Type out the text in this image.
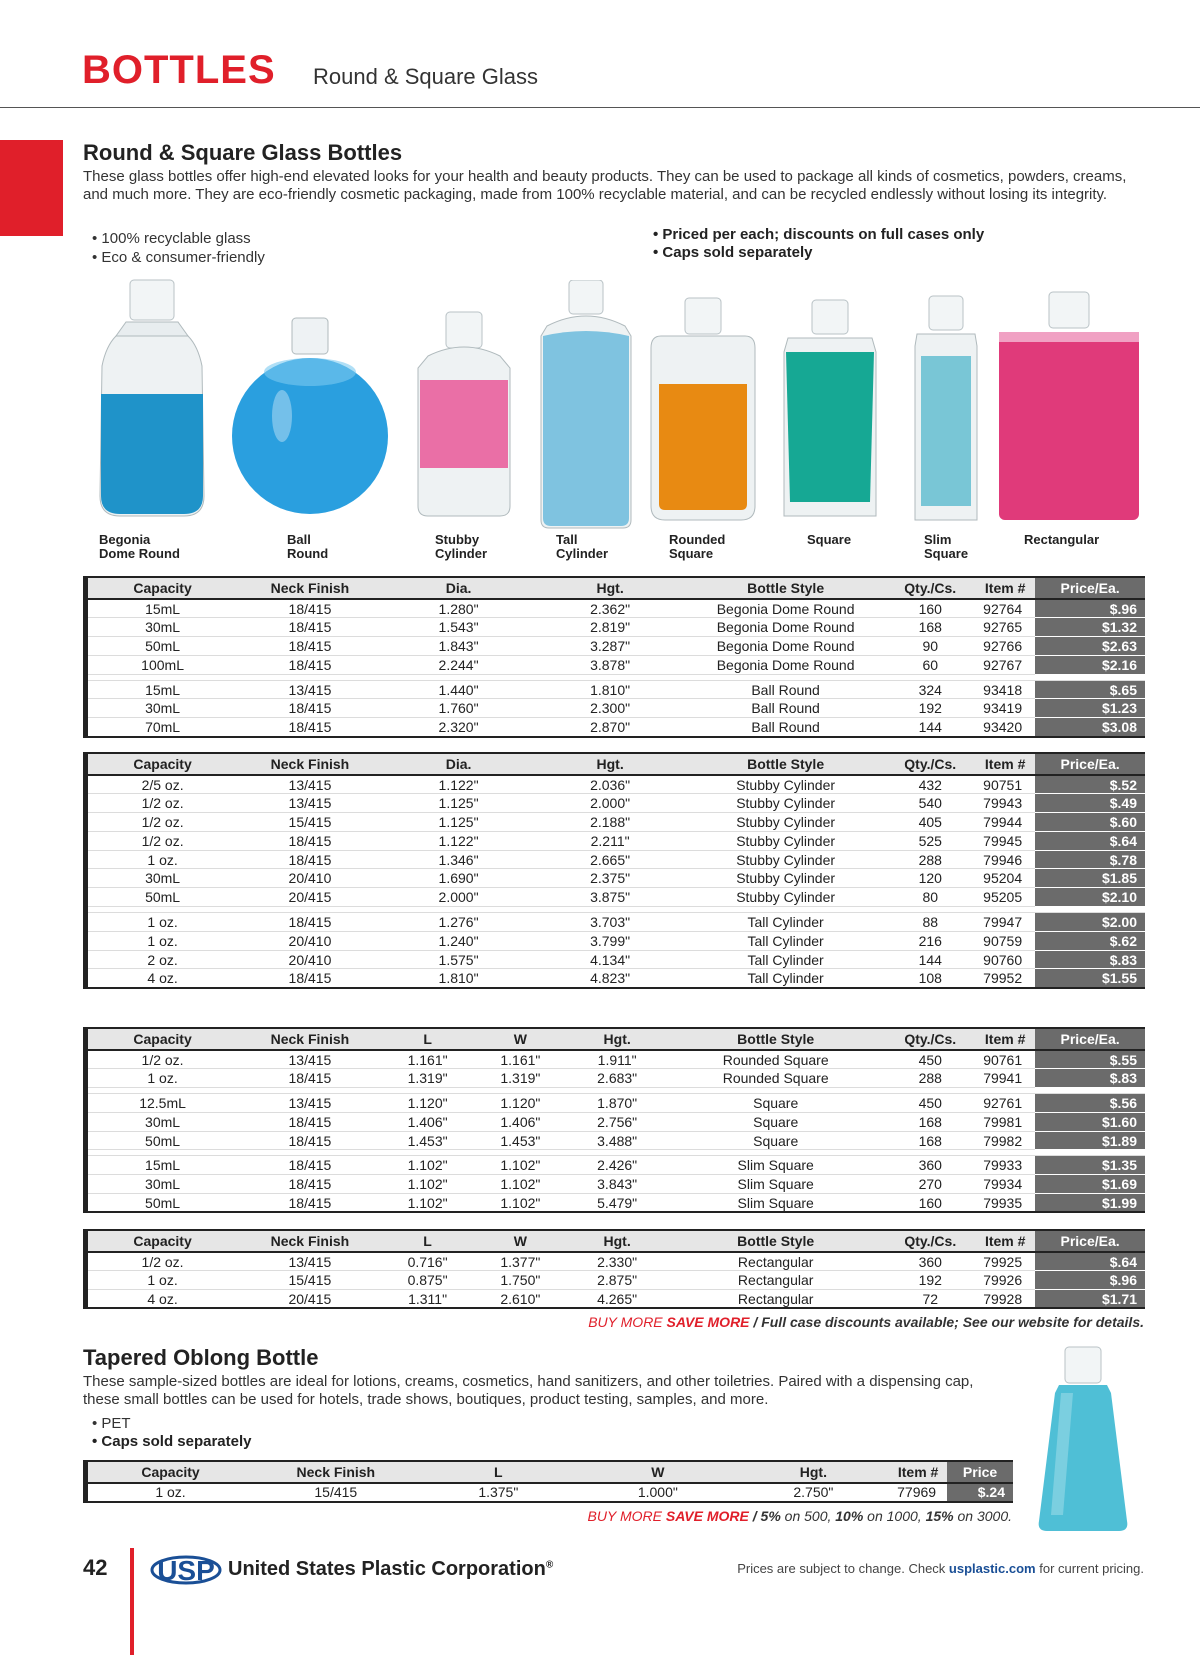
BOTTLES Round & Square Glass
Round & Square Glass Bottles
These glass bottles offer high-end elevated looks for your health and beauty products. They can be used to package all kinds of cosmetics, powders, creams, and much more. They are eco-friendly cosmetic packaging, made from 100% recyclable material, and can be recycled endlessly without losing its integrity.
• 100% recyclable glass
• Eco & consumer-friendly
• Priced per each; discounts on full cases only
• Caps sold separately
Begonia
Dome Round
Ball
Round
Stubby
Cylinder
Tall
Cylinder
Rounded
Square
Square	Slim
Square
Rectangular
Capacity	Neck Finish	Dia.	Hgt.	Bottle Style	Qty./Cs.	Item #	Price/Ea.
15mL	18/415	1.280"	2.362"	Begonia Dome Round	160	92764	$.96
30mL	18/415	1.543"	2.819"	Begonia Dome Round	168	92765	$1.32
50mL	18/415	1.843"	3.287"	Begonia Dome Round	90	92766	$2.63
100mL	18/415	2.244"	3.878"	Begonia Dome Round	60	92767	$2.16

15mL	13/415	1.440"	1.810"	Ball Round	324	93418	$.65
30mL	18/415	1.760"	2.300"	Ball Round	192	93419	$1.23
70mL	18/415	2.320"	2.870"	Ball Round	144	93420	$3.08
Capacity	Neck Finish	Dia.	Hgt.	Bottle Style	Qty./Cs.	Item #	Price/Ea.
2/5 oz.	13/415	1.122"	2.036"	Stubby Cylinder	432	90751	$.52
1/2 oz.	13/415	1.125"	2.000"	Stubby Cylinder	540	79943	$.49
1/2 oz.	15/415	1.125"	2.188"	Stubby Cylinder	405	79944	$.60
1/2 oz.	18/415	1.122"	2.211"	Stubby Cylinder	525	79945	$.64
1 oz.	18/415	1.346"	2.665"	Stubby Cylinder	288	79946	$.78
30mL	20/410	1.690"	2.375"	Stubby Cylinder	120	95204	$1.85
50mL	20/415	2.000"	3.875"	Stubby Cylinder	80	95205	$2.10

1 oz.	18/415	1.276"	3.703"	Tall Cylinder	88	79947	$2.00
1 oz.	20/410	1.240"	3.799"	Tall Cylinder	216	90759	$.62
2 oz.	20/410	1.575"	4.134"	Tall Cylinder	144	90760	$.83
4 oz.	18/415	1.810"	4.823"	Tall Cylinder	108	79952	$1.55
Capacity	Neck Finish	L	W	Hgt.	Bottle Style	Qty./Cs.	Item #	Price/Ea.
1/2 oz.	13/415	1.161"	1.161"	1.911"	Rounded Square	450	90761	$.55
1 oz.	18/415	1.319"	1.319"	2.683"	Rounded Square	288	79941	$.83

12.5mL	13/415	1.120"	1.120"	1.870"	Square	450	92761	$.56
30mL	18/415	1.406"	1.406"	2.756"	Square	168	79981	$1.60
50mL	18/415	1.453"	1.453"	3.488"	Square	168	79982	$1.89

15mL	18/415	1.102"	1.102"	2.426"	Slim Square	360	79933	$1.35
30mL	18/415	1.102"	1.102"	3.843"	Slim Square	270	79934	$1.69
50mL	18/415	1.102"	1.102"	5.479"	Slim Square	160	79935	$1.99
Capacity	Neck Finish	L	W	Hgt.	Bottle Style	Qty./Cs.	Item #	Price/Ea.
1/2 oz.	13/415	0.716"	1.377"	2.330"	Rectangular	360	79925	$.64
1 oz.	15/415	0.875"	1.750"	2.875"	Rectangular	192	79926	$.96
4 oz.	20/415	1.311"	2.610"	4.265"	Rectangular	72	79928	$1.71
BUY MORE SAVE MORE / Full case discounts available; See our website for details.
Tapered Oblong Bottle
These sample-sized bottles are ideal for lotions, creams, cosmetics, hand sanitizers, and other toiletries. Paired with a dispensing cap, these small bottles can be used for hotels, trade shows, boutiques, product testing, samples, and more.
• PET
• Caps sold separately
Capacity	Neck Finish	L	W	Hgt.	Item #	Price
1 oz.	15/415	1.375"	1.000"	2.750"	77969	$.24
BUY MORE SAVE MORE / 5% on 500, 10% on 1000, 15% on 3000.
42 USP United States Plastic Corporation®	Prices are subject to change. Check usplastic.com for current pricing.
